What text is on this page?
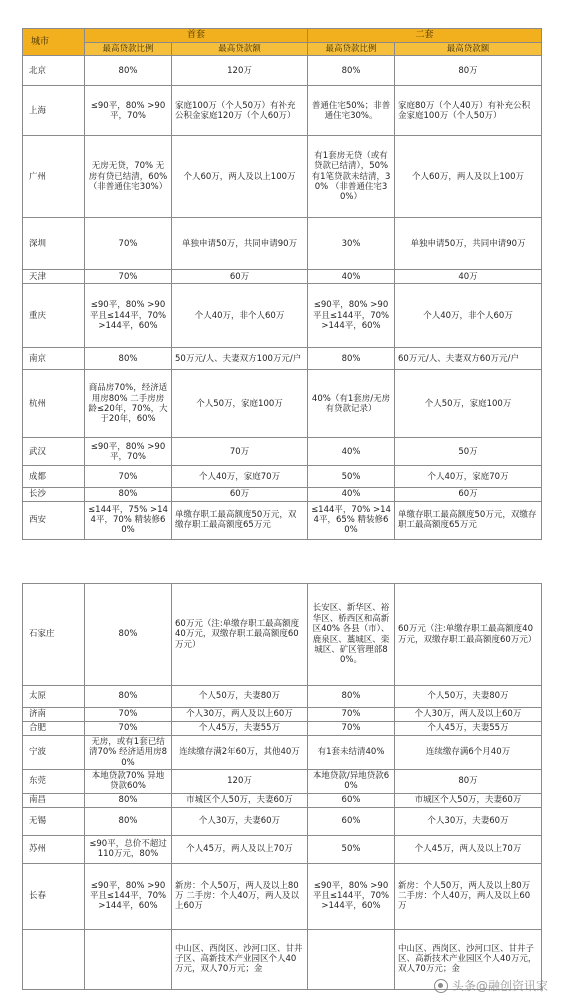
城市	首套		二套	
	最高贷款比例	最高贷款额	最高贷款比例	最高贷款额
北京	80%	120万	80%	80万
上海	≤90平，80% >90平，70%	家庭100万（个人50万）有补充公积金家庭120万（个人60万）	普通住宅50%；非普通住宅30%。	家庭80万（个人40万）有补充公积金家庭100万（个人50万）
广州	无房无贷，70% 无房有贷已结清，60% （非普通住宅30%）	个人60万，两人及以上100万	有1套房无贷（或有贷款已结清），50% 有1笔贷款未结清，30% （非普通住宅30%）	个人60万，两人及以上100万
深圳	70%	单独申请50万，共同申请90万	30%	单独申请50万，共同申请90万
天津	70%	60万	40%	40万
重庆	≤90平，80% >90平且≤144平，70% >144平，60%	个人40万，非个人60万	≤90平，80% >90平且≤144平，70% >144平，60%	个人40万，非个人60万
南京	80%	50万元/人、夫妻双方100万元/户	80%	60万元/人、夫妻双方60万元/户
杭州	商品房70%，经济适用房80% 二手房房龄≤20年，70%，大于20年，60%	个人50万，家庭100万	40%（有1套房/无房有贷款记录）	个人50万，家庭100万
武汉	≤90平，80% >90平，70%	70万	40%	50万
成都	70%	个人40万，家庭70万	50%	个人40万，家庭70万
长沙	80%	60万	40%	60万
西安	≤144平，75% >144平，70% 精装修60%	单缴存职工最高额度50万元，双缴存职工最高额度65万元	≤144平，70% >144平，65% 精装修60%	单缴存职工最高额度50万元，双缴存职工最高额度65万元
石家庄	80%	60万元（注:单缴存职工最高额度40万元，双缴存职工最高额度60万元）	长安区、新华区、裕华区、桥西区和高新区40% 各县（市）、鹿泉区、藁城区、栾城区、矿区管理部80%。	60万元（注:单缴存职工最高额度40万元，双缴存职工最高额度60万元）
太原	80%	个人50万，夫妻80万	80%	个人50万，夫妻80万
济南	70%	个人30万，两人及以上60万	70%	个人30万，两人及以上60万
合肥	70%	个人45万，夫妻55万	70%	个人45万，夫妻55万
宁波	无房，或有1套已结清70% 经济适用房80%	连续缴存满2年60万，其他40万	有1套未结清40%	连续缴存满6个月40万
东莞	本地贷款70% 异地贷款60%	120万	本地贷款/异地贷款60%	80万
南昌	80%	市城区个人50万，夫妻60万	60%	市城区个人50万，夫妻60万
无锡	80%	个人30万，夫妻60万	60%	个人30万，夫妻60万
苏州	≤90平，总价不超过110万元，80%	个人45万，两人及以上70万	50%	个人45万，两人及以上70万
长春	≤90平，80% >90平且≤144平，70% >144平，60%	新房：个人50万，两人及以上80万 二手房：个人40万，两人及以上60万	≤90平，80% >90平且≤144平，70% >144平，60%	新房：个人50万，两人及以上80万 二手房：个人40万，两人及以上60万
		中山区、西岗区、沙河口区、甘井子区、高新技术产业园区个人40万元，双人70万元；金		中山区、西岗区、沙河口区、甘井子区、高新技术产业园区个人40万元，双人70万元；金
头条@融创资讯家
